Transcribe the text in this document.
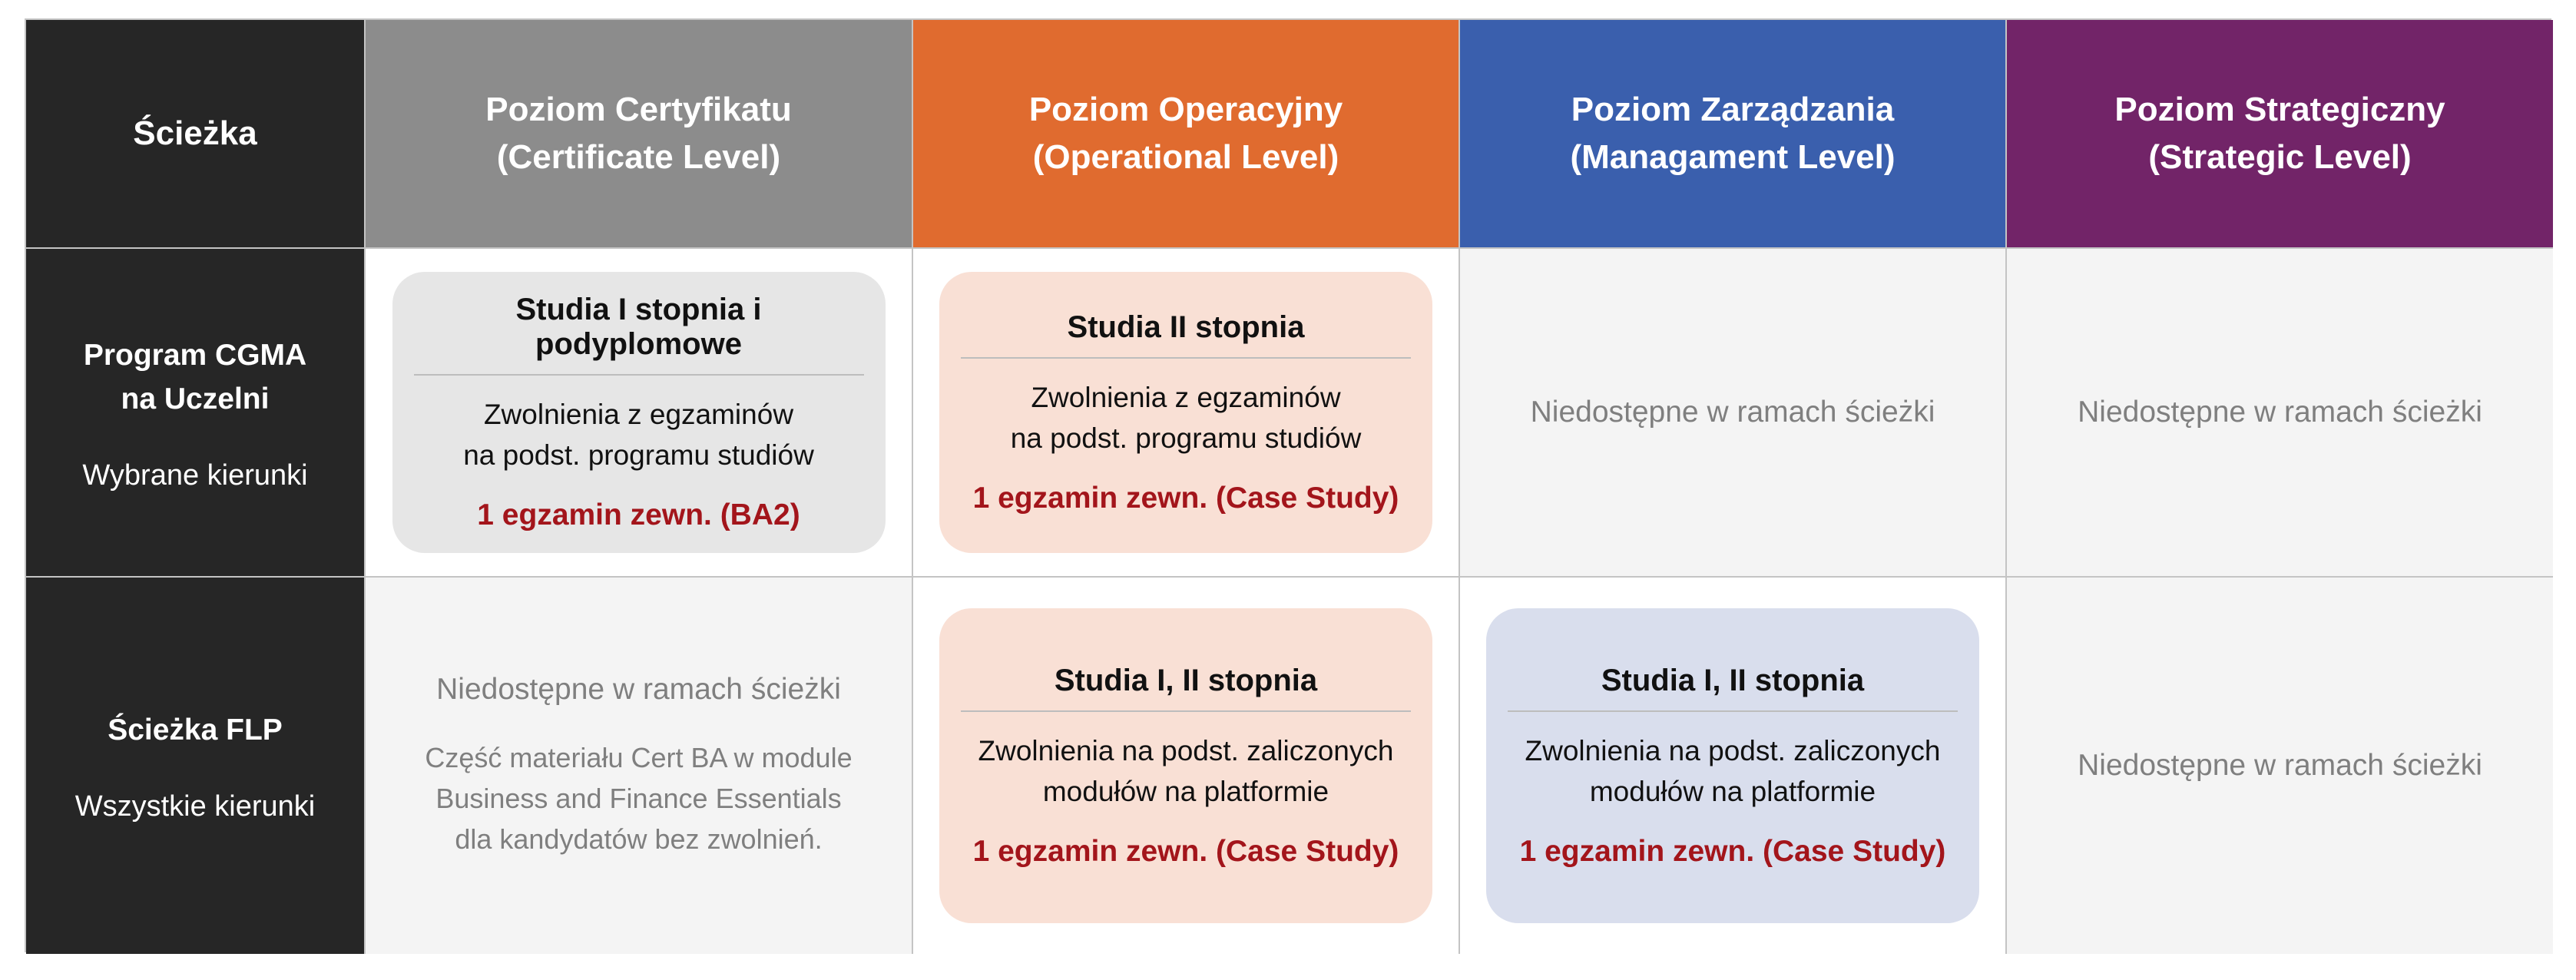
Ścieżka
Poziom Certyfikatu
(Certificate Level)
Poziom Operacyjny
(Operational Level)
Poziom Zarządzania
(Managament Level)
Poziom Strategiczny
(Strategic Level)
Program CGMA
na Uczelni
Wybrane kierunki
Studia I stopnia i podyplomowe
Zwolnienia z egzaminów
na podst. programu studiów
1 egzamin zewn. (BA2)
Studia II stopnia
Zwolnienia z egzaminów
na podst. programu studiów
1 egzamin zewn. (Case Study)
Niedostępne w ramach ścieżki	Niedostępne w ramach ścieżki
Ścieżka FLP
Wszystkie kierunki
Niedostępne w ramach ścieżki
Część materiału Cert BA w module
Business and Finance Essentials
dla kandydatów bez zwolnień.
Studia I, II stopnia
Zwolnienia na podst. zaliczonych
modułów na platformie
1 egzamin zewn. (Case Study)
Studia I, II stopnia
Zwolnienia na podst. zaliczonych
modułów na platformie
1 egzamin zewn. (Case Study)
Niedostępne w ramach ścieżki
